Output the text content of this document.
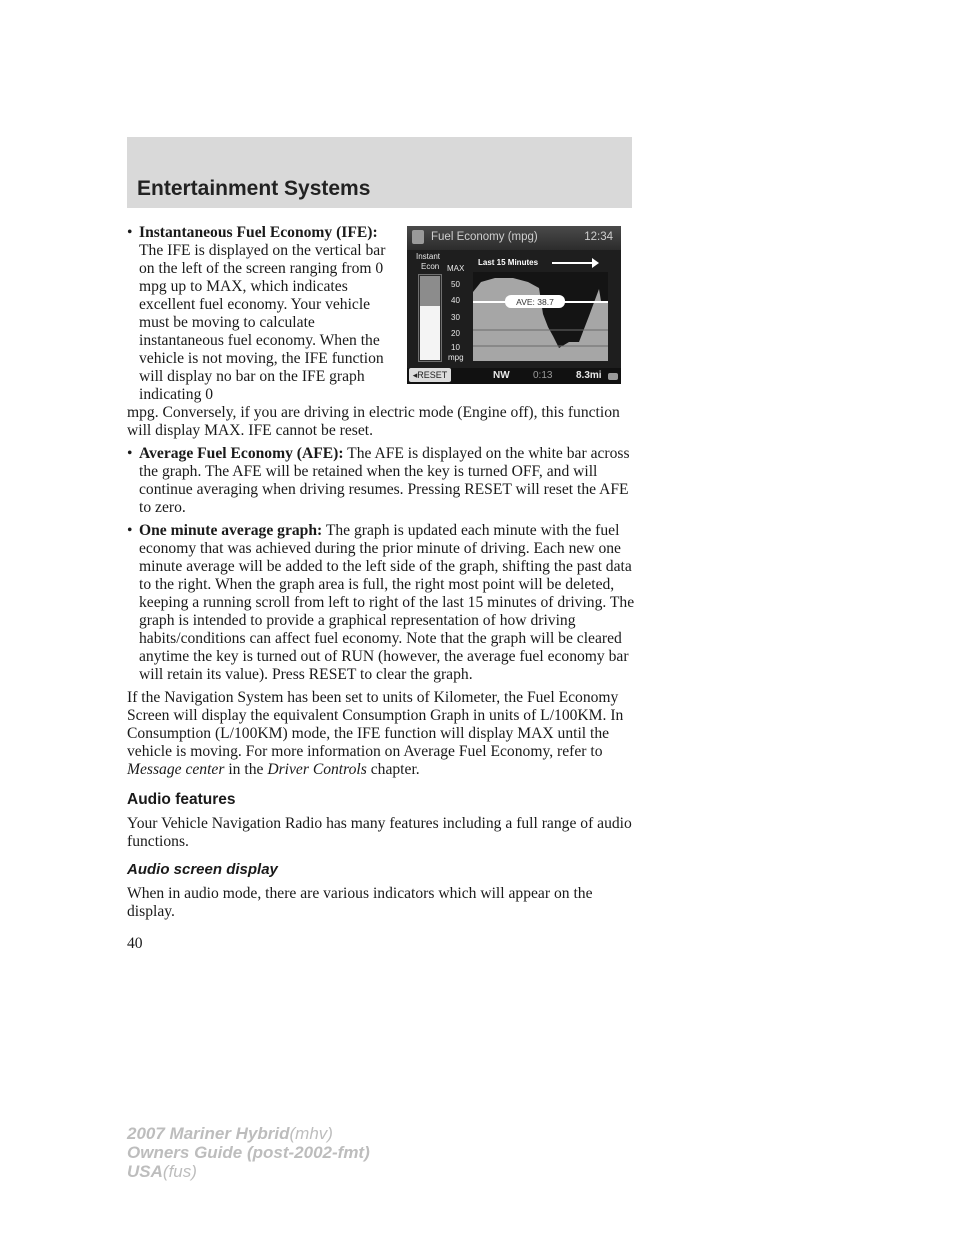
Entertainment Systems
Fuel Economy (mpg)	12:34
Instant
Econ MAX
50
40
30
20
10
mpg
Last 15 Minutes
AVE: 38.7
◂RESET	NW 0:13 8.3mi
• Instantaneous Fuel Economy (IFE): The IFE is displayed on the vertical bar on the left of the screen ranging from 0 mpg up to MAX, which indicates excellent fuel economy. Your vehicle must be moving to calculate instantaneous fuel economy. When the vehicle is not moving, the IFE function will display no bar on the IFE graph indicating 0
mpg. Conversely, if you are driving in electric mode (Engine off), this function will display MAX. IFE cannot be reset.
• Average Fuel Economy (AFE): The AFE is displayed on the white bar across the graph. The AFE will be retained when the key is turned OFF, and will continue averaging when driving resumes. Pressing RESET will reset the AFE to zero.
• One minute average graph: The graph is updated each minute with the fuel economy that was achieved during the prior minute of driving. Each new one minute average will be added to the left side of the graph, shifting the past data to the right. When the graph area is full, the right most point will be deleted, keeping a running scroll from left to right of the last 15 minutes of driving. The graph is intended to provide a graphical representation of how driving habits/conditions can affect fuel economy. Note that the graph will be cleared anytime the key is turned out of RUN (however, the average fuel economy bar will retain its value). Press RESET to clear the graph.

If the Navigation System has been set to units of Kilometer, the Fuel Economy Screen will display the equivalent Consumption Graph in units of L/100KM. In Consumption (L/100KM) mode, the IFE function will display MAX until the vehicle is moving. For more information on Average Fuel Economy, refer to Message center in the Driver Controls chapter.

Audio features

Your Vehicle Navigation Radio has many features including a full range of audio functions.

Audio screen display

When in audio mode, there are various indicators which will appear on the display.

40
2007 Mariner Hybrid(mhv)
Owners Guide (post-2002-fmt)
USA(fus)
